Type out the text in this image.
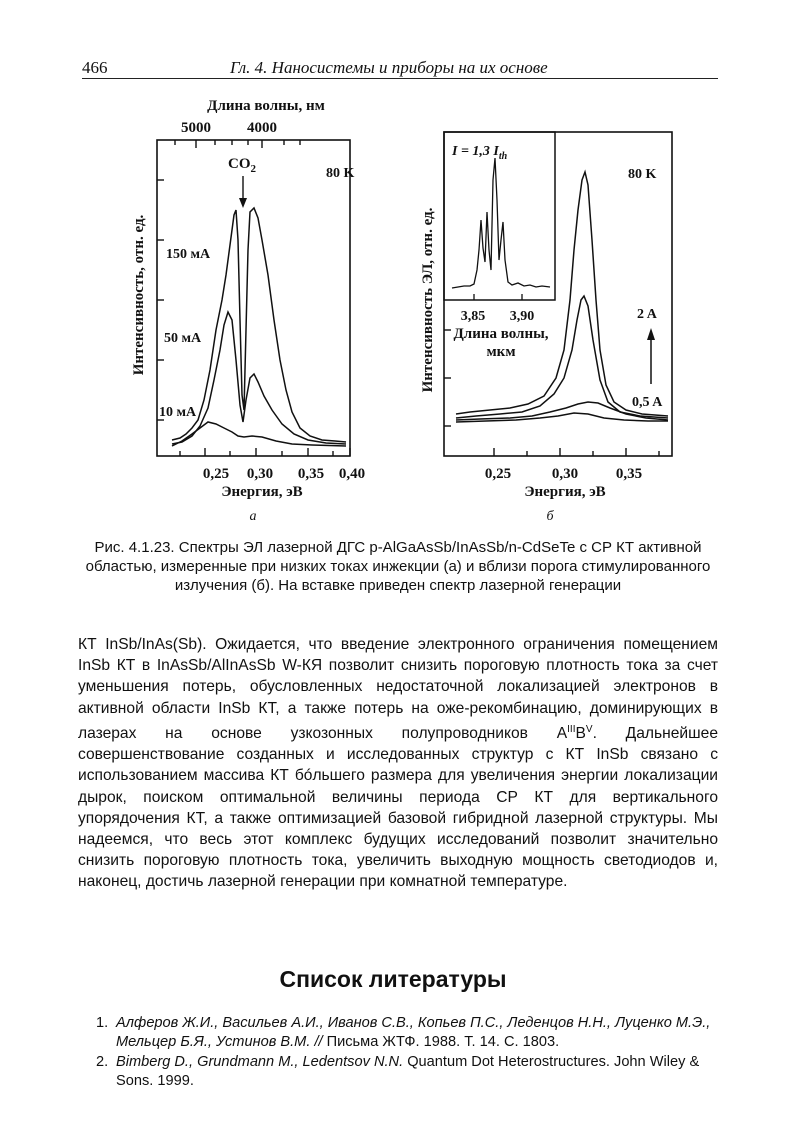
466	Гл. 4. Наносистемы и приборы на их основе
Длина волны, нм
5000 4000
0,25 0,30 0,35 0,40
Энергия, эВ
а
Интенсивность, отн. ед.
80 K
$CO_2$
150 мА
50 мА
10 мА
0,25	0,30	0,35
Энергия, эВ
б
Интенсивность ЭЛ, отн. ед.
80 K
2 A
0,5 A
I = 1,3 $I_{th}$
3,85 3,90
Длина волны,
мкм
Рис. 4.1.23. Спектры ЭЛ лазерной ДГС p-AlGaAsSb/InAsSb/n-CdSeTe с СР КТ активной областью, измеренные при низких токах инжекции (а) и вблизи порога стимулированного излучения (б). На вставке приведен спектр лазерной генерации

КТ InSb/InAs(Sb). Ожидается, что введение электронного ограничения помещением InSb КТ в InAsSb/AlInAsSb W-КЯ позволит снизить пороговую плотность тока за счет уменьшения потерь, обусловленных недостаточной локализацией электронов в активной области InSb КТ, а также потерь на оже-рекомбинацию, доминирующих в лазерах на основе узкозонных полупроводников $A^{III}B^V$. Дальнейшее совершенствование созданных и исследованных структур с КТ InSb связано с использованием массива КТ бóльшего размера для увеличения энергии локализации дырок, поиском оптимальной величины периода СР КТ для вертикального упорядочения КТ, а также оптимизацией базовой гибридной лазерной структуры. Мы надеемся, что весь этот комплекс будущих исследований позволит значительно снизить пороговую плотность тока, увеличить выходную мощность светодиодов и, наконец, достичь лазерной генерации при комнатной температуре.

Список литературы
1. Алферов Ж.И., Васильев А.И., Иванов С.В., Копьев П.С., Леденцов Н.Н., Луценко М.Э., Мельцер Б.Я., Устинов В.М. // Письма ЖТФ. 1988. Т. 14. С. 1803.
2. Bimberg D., Grundmann M., Ledentsov N.N. Quantum Dot Heterostructures. John Wiley & Sons. 1999.
